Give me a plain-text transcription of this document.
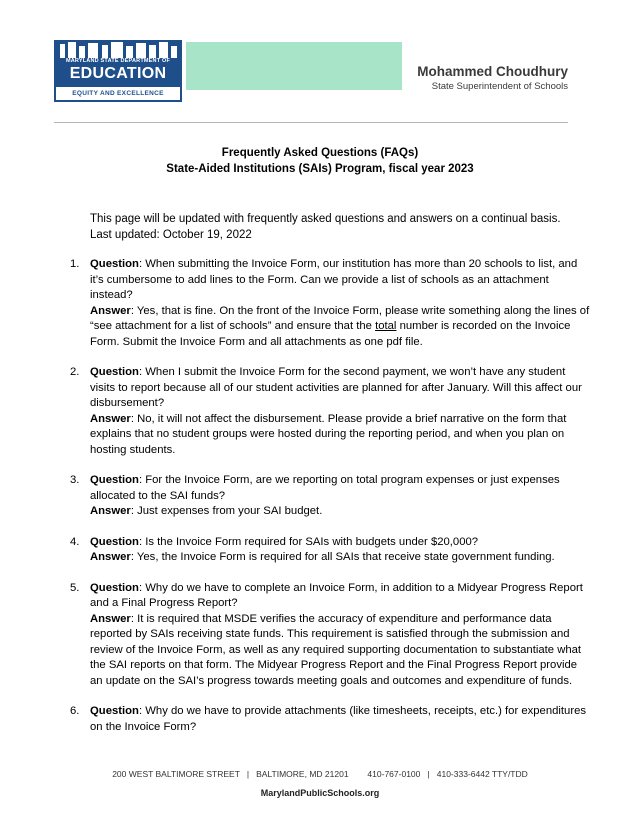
MARYLAND STATE DEPARTMENT OF
EDUCATION
EQUITY AND EXCELLENCE
Mohammed Choudhury
State Superintendent of Schools
Frequently Asked Questions (FAQs)
State-Aided Institutions (SAIs) Program, fiscal year 2023
This page will be updated with frequently asked questions and answers on a continual basis.
Last updated: October 19, 2022
1. Question: When submitting the Invoice Form, our institution has more than 20 schools to list, and it’s cumbersome to add lines to the Form. Can we provide a list of schools as an attachment instead?
Answer: Yes, that is fine. On the front of the Invoice Form, please write something along the lines of “see attachment for a list of schools” and ensure that the total number is recorded on the Invoice Form. Submit the Invoice Form and all attachments as one pdf file.
2. Question: When I submit the Invoice Form for the second payment, we won’t have any student visits to report because all of our student activities are planned for after January. Will this affect our disbursement?
Answer: No, it will not affect the disbursement. Please provide a brief narrative on the form that explains that no student groups were hosted during the reporting period, and when you plan on hosting students.
3. Question: For the Invoice Form, are we reporting on total program expenses or just expenses allocated to the SAI funds?
Answer: Just expenses from your SAI budget.
4. Question: Is the Invoice Form required for SAIs with budgets under $20,000?
Answer: Yes, the Invoice Form is required for all SAIs that receive state government funding.
5. Question: Why do we have to complete an Invoice Form, in addition to a Midyear Progress Report and a Final Progress Report?
Answer: It is required that MSDE verifies the accuracy of expenditure and performance data reported by SAIs receiving state funds. This requirement is satisfied through the submission and review of the Invoice Form, as well as any required supporting documentation to substantiate what the SAI reports on that form. The Midyear Progress Report and the Final Progress Report provide an update on the SAI’s progress towards meeting goals and outcomes and expenditure of funds.
6. Question: Why do we have to provide attachments (like timesheets, receipts, etc.) for expenditures on the Invoice Form?
200 WEST BALTIMORE STREET   |   BALTIMORE, MD 21201        410-767-0100   |   410-333-6442 TTY/TDD
MarylandPublicSchools.org
